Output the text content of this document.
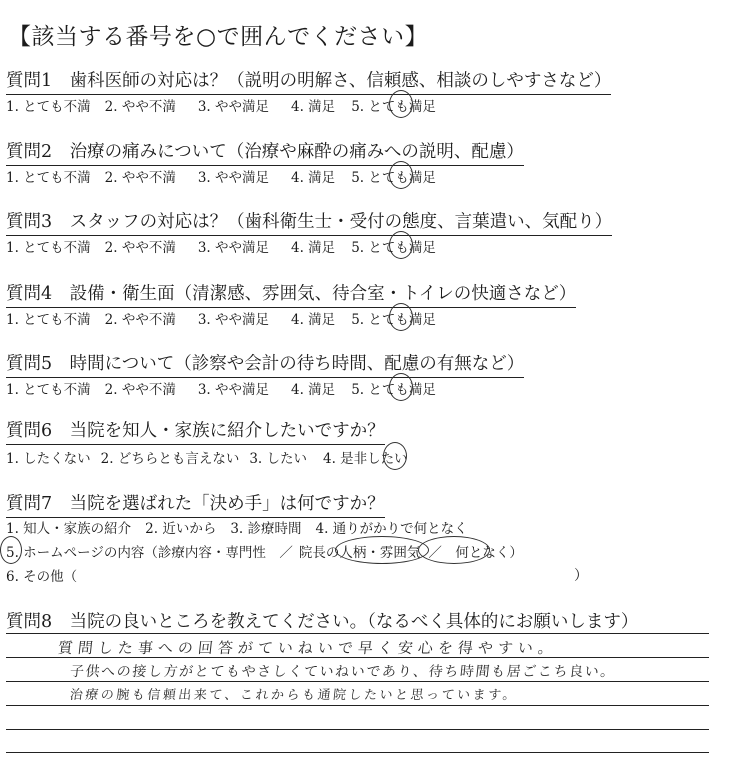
【該当する番号を○で囲んでください】
質問1　歯科医師の対応は？（説明の明解さ、信頼感、相談のしやすさなど）
1. とても不満 2. やや不満 3. やや満足 4. 満足 5. とても満足
質問2　治療の痛みについて（治療や麻酔の痛みへの説明、配慮）
1. とても不満 2. やや不満 3. やや満足 4. 満足 5. とても満足
質問3　スタッフの対応は？（歯科衛生士・受付の態度、言葉遣い、気配り）
1. とても不満 2. やや不満 3. やや満足 4. 満足 5. とても満足
質問4　設備・衛生面（清潔感、雰囲気、待合室・トイレの快適さなど）
1. とても不満 2. やや不満 3. やや満足 4. 満足 5. とても満足
質問5　時間について（診察や会計の待ち時間、配慮の有無など）
1. とても不満 2. やや不満 3. やや満足 4. 満足 5. とても満足
質問6　当院を知人・家族に紹介したいですか？
1. したくない 2. どちらとも言えない 3. したい 4. 是非したい
質問7　当院を選ばれた「決め手」は何ですか？
1. 知人・家族の紹介 2. 近いから 3. 診療時間 4. 通りがかりで何となく
5. ホームページの内容（診療内容・専門性　／ 院長の人柄 ・ 雰囲気 ／　何となく）
6. その他（	）
質問8　当院の良いところを教えてください。（なるべく具体的にお願いします）
質問した事への回答がていねいで早く安心を得やすい。
子供への接し方がとてもやさしくていねいであり、待ち時間も居ごこち良い。
治療の腕も信頼出来て、これからも通院したいと思っています。
